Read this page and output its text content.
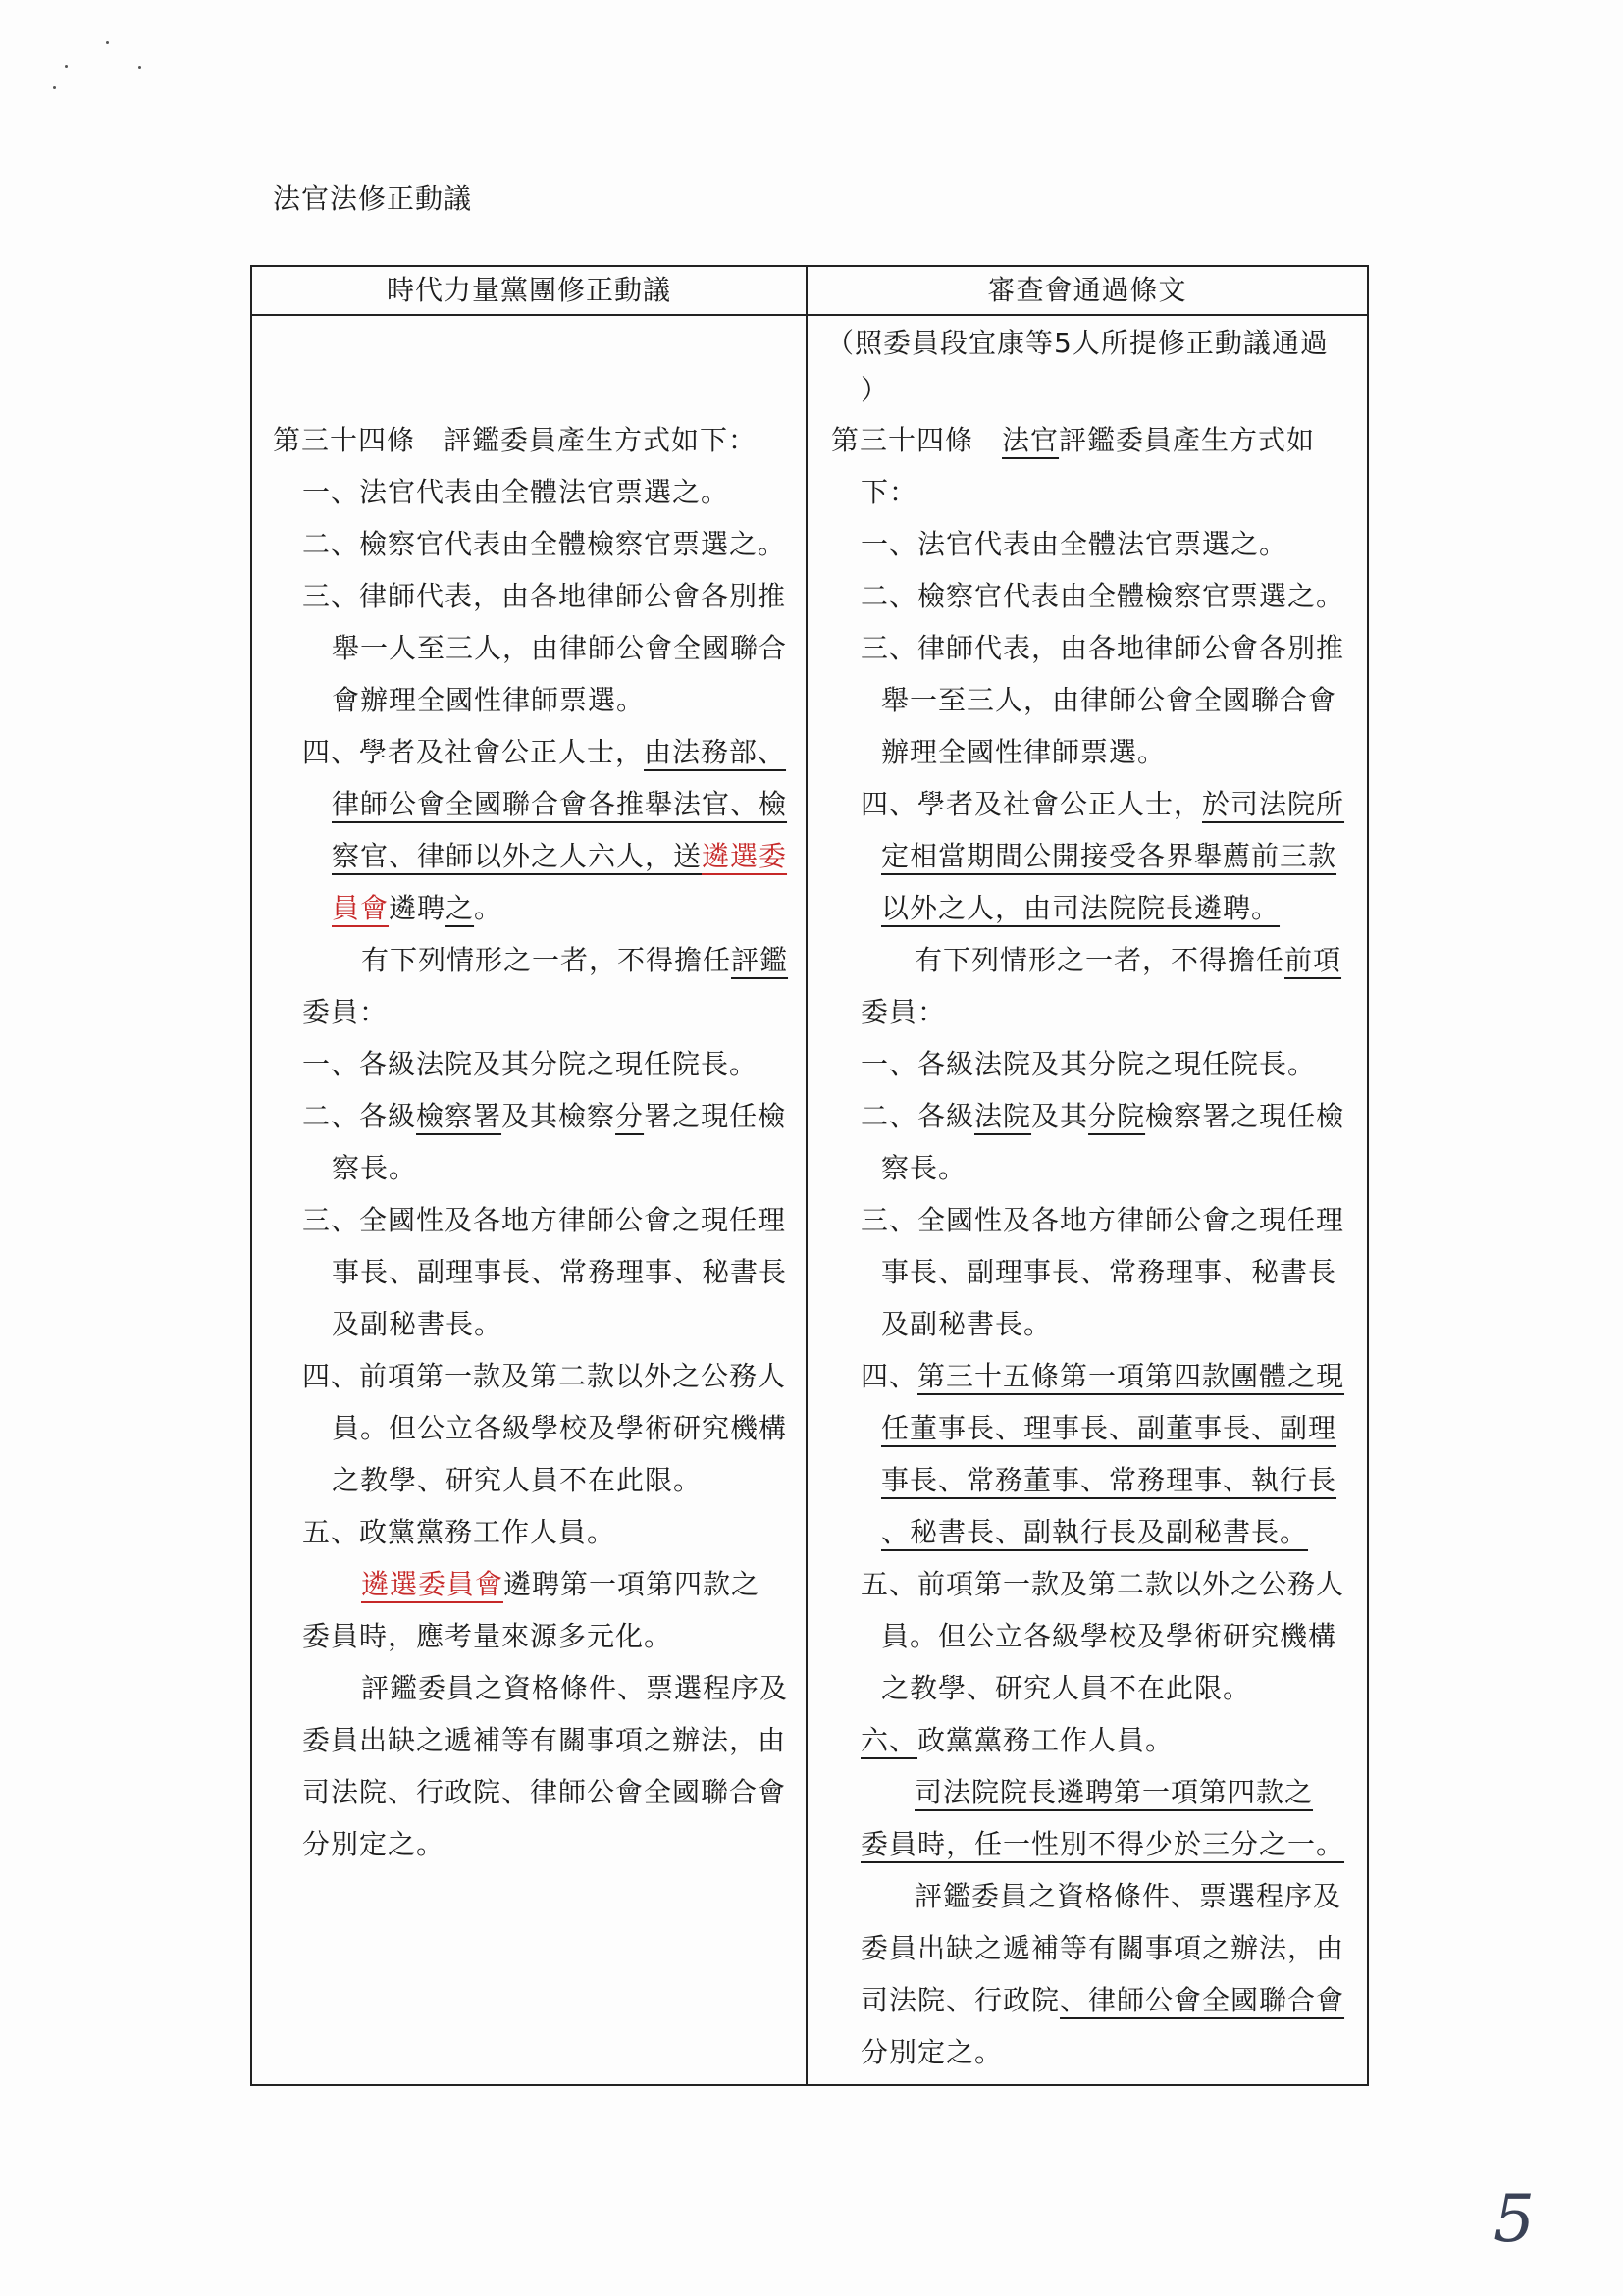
法官法修正動議
時代力量黨團修正動議	審查會通過條文
第三十四條　評鑑委員產生方式如下：
一、法官代表由全體法官票選之。
二、檢察官代表由全體檢察官票選之。
三、律師代表，由各地律師公會各別推
舉一人至三人，由律師公會全國聯合
會辦理全國性律師票選。
四、學者及社會公正人士，由法務部、
律師公會全國聯合會各推舉法官、檢
察官、律師以外之人六人，送遴選委
員會遴聘之。
有下列情形之一者，不得擔任評鑑
委員：
一、各級法院及其分院之現任院長。
二、各級檢察署及其檢察分署之現任檢
察長。
三、全國性及各地方律師公會之現任理
事長、副理事長、常務理事、秘書長
及副秘書長。
四、前項第一款及第二款以外之公務人
員。但公立各級學校及學術研究機構
之教學、研究人員不在此限。
五、政黨黨務工作人員。
遴選委員會遴聘第一項第四款之
委員時，應考量來源多元化。
評鑑委員之資格條件、票選程序及
委員出缺之遞補等有關事項之辦法，由
司法院、行政院、律師公會全國聯合會
分別定之。
（照委員段宜康等5人所提修正動議通過
）
第三十四條　法官評鑑委員產生方式如
下：
一、法官代表由全體法官票選之。
二、檢察官代表由全體檢察官票選之。
三、律師代表，由各地律師公會各別推
舉一至三人，由律師公會全國聯合會
辦理全國性律師票選。
四、學者及社會公正人士，於司法院所
定相當期間公開接受各界舉薦前三款
以外之人，由司法院院長遴聘。
有下列情形之一者，不得擔任前項
委員：
一、各級法院及其分院之現任院長。
二、各級法院及其分院檢察署之現任檢
察長。
三、全國性及各地方律師公會之現任理
事長、副理事長、常務理事、秘書長
及副秘書長。
四、第三十五條第一項第四款團體之現
任董事長、理事長、副董事長、副理
事長、常務董事、常務理事、執行長
、秘書長、副執行長及副秘書長。
五、前項第一款及第二款以外之公務人
員。但公立各級學校及學術研究機構
之教學、研究人員不在此限。
六、政黨黨務工作人員。
司法院院長遴聘第一項第四款之
委員時，任一性別不得少於三分之一。
評鑑委員之資格條件、票選程序及
委員出缺之遞補等有關事項之辦法，由
司法院、行政院、律師公會全國聯合會
分別定之。
5
